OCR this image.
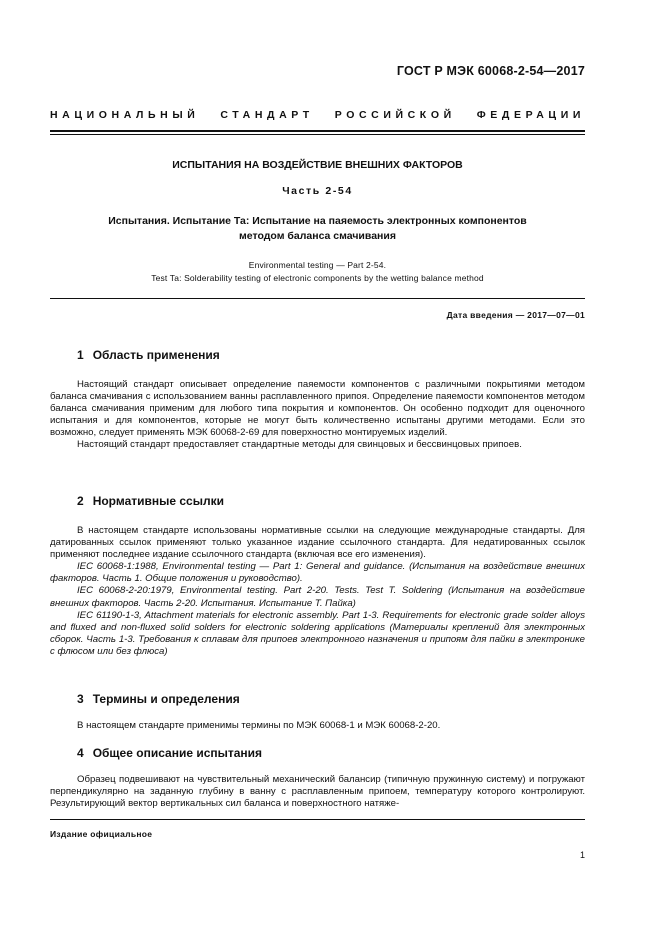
ГОСТ Р МЭК 60068-2-54—2017
НАЦИОНАЛЬНЫЙ СТАНДАРТ РОССИЙСКОЙ ФЕДЕРАЦИИ
ИСПЫТАНИЯ НА ВОЗДЕЙСТВИЕ ВНЕШНИХ ФАКТОРОВ
Часть 2-54
Испытания. Испытание Та: Испытание на паяемость электронных компонентов
методом баланса смачивания
Environmental testing — Part 2-54.
Test Ta: Solderability testing of electronic components by the wetting balance method
Дата введения — 2017—07—01
1 Область применения

Настоящий стандарт описывает определение паяемости компонентов с различными покрытиями методом баланса смачивания с использованием ванны расплавленного припоя. Определение паяемости компонентов методом баланса смачивания применим для любого типа покрытия и компонентов. Он особенно подходит для оценочного испытания и для компонентов, которые не могут быть количественно испытаны другими методами. Если это возможно, следует применять МЭК 60068-2-69 для поверхностно монтируемых изделий.

Настоящий стандарт предоставляет стандартные методы для свинцовых и бессвинцовых припоев.

2 Нормативные ссылки

В настоящем стандарте использованы нормативные ссылки на следующие международные стандарты. Для датированных ссылок применяют только указанное издание ссылочного стандарта. Для недатированных ссылок применяют последнее издание ссылочного стандарта (включая все его изменения).

IEC 60068-1:1988, Environmental testing — Part 1: General and guidance. (Испытания на воздействие внешних факторов. Часть 1. Общие положения и руководство).

IEC 60068-2-20:1979, Environmental testing. Part 2-20. Tests. Test T. Soldering (Испытания на воздействие внешних факторов. Часть 2-20. Испытания. Испытание Т. Пайка)

IEC 61190-1-3, Attachment materials for electronic assembly. Part 1-3. Requirements for electronic grade solder alloys and fluxed and non-fluxed solid solders for electronic soldering applications (Материалы креплений для электронных сборок. Часть 1-3. Требования к сплавам для припоев электронного назначения и припоям для пайки в электронике с флюсом или без флюса)

3 Термины и определения

В настоящем стандарте применимы термины по МЭК 60068-1 и МЭК 60068-2-20.

4 Общее описание испытания

Образец подвешивают на чувствительный механический балансир (типичную пружинную систему) и погружают перпендикулярно на заданную глубину в ванну с расплавленным припоем, температуру которого контролируют. Результирующий вектор вертикальных сил баланса и поверхностного натяже-

Издание официальное
1
